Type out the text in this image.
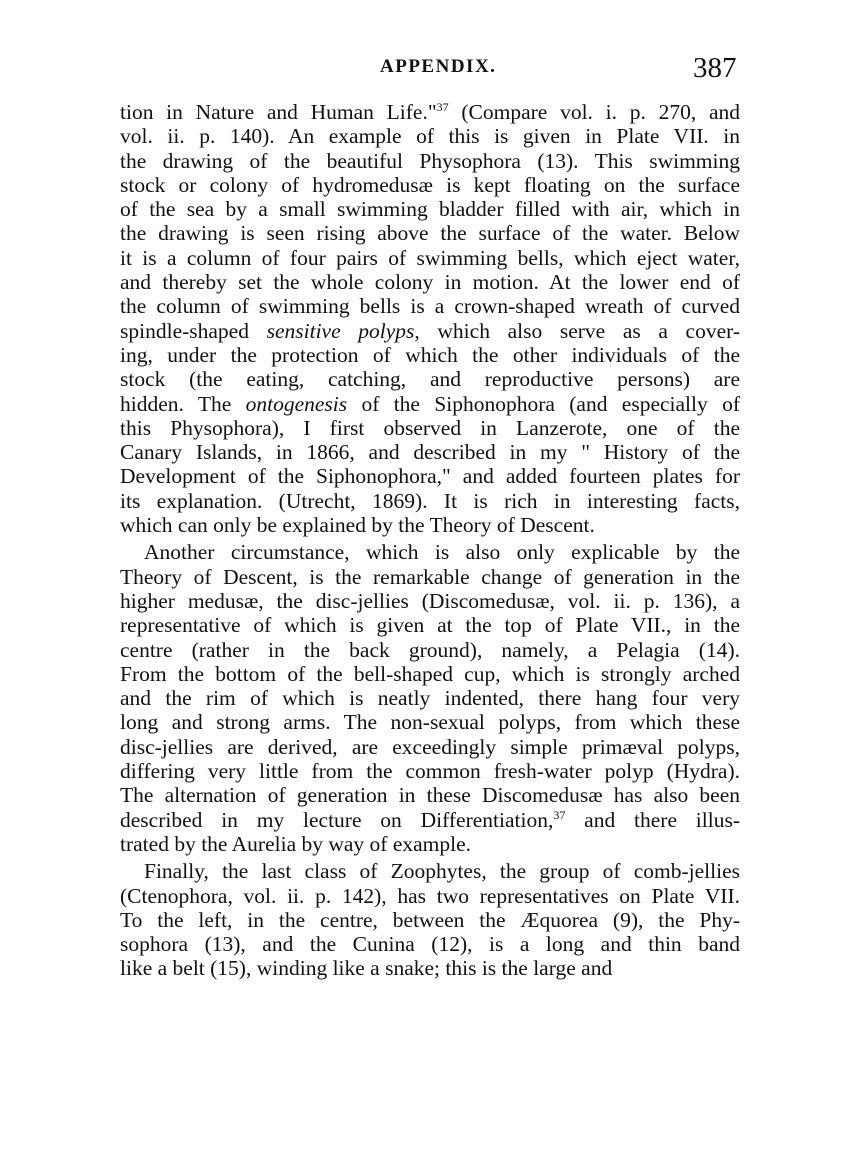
APPENDIX.	387
tion in Nature and Human Life."$^{37}$ (Compare vol. i. p. 270, and
vol. ii. p. 140). An example of this is given in Plate VII. in
the drawing of the beautiful Physophora (13). This swimming
stock or colony of hydromedusæ is kept floating on the surface
of the sea by a small swimming bladder filled with air, which in
the drawing is seen rising above the surface of the water. Below
it is a column of four pairs of swimming bells, which eject water,
and thereby set the whole colony in motion. At the lower end of
the column of swimming bells is a crown-shaped wreath of curved
spindle-shaped sensitive polyps, which also serve as a cover-
ing, under the protection of which the other individuals of the
stock (the eating, catching, and reproductive persons) are
hidden. The ontogenesis of the Siphonophora (and especially of
this Physophora), I first observed in Lanzerote, one of the
Canary Islands, in 1866, and described in my " History of the
Development of the Siphonophora," and added fourteen plates for
its explanation. (Utrecht, 1869). It is rich in interesting facts,
which can only be explained by the Theory of Descent.
Another circumstance, which is also only explicable by the
Theory of Descent, is the remarkable change of generation in the
higher medusæ, the disc-jellies (Discomedusæ, vol. ii. p. 136), a
representative of which is given at the top of Plate VII., in the
centre (rather in the back ground), namely, a Pelagia (14).
From the bottom of the bell-shaped cup, which is strongly arched
and the rim of which is neatly indented, there hang four very
long and strong arms. The non-sexual polyps, from which these
disc-jellies are derived, are exceedingly simple primæval polyps,
differing very little from the common fresh-water polyp (Hydra).
The alternation of generation in these Discomedusæ has also been
described in my lecture on Differentiation,$^{37}$ and there illus-
trated by the Aurelia by way of example.
Finally, the last class of Zoophytes, the group of comb-jellies
(Ctenophora, vol. ii. p. 142), has two representatives on Plate VII.
To the left, in the centre, between the Æquorea (9), the Phy-
sophora (13), and the Cunina (12), is a long and thin band
like a belt (15), winding like a snake; this is the large and
